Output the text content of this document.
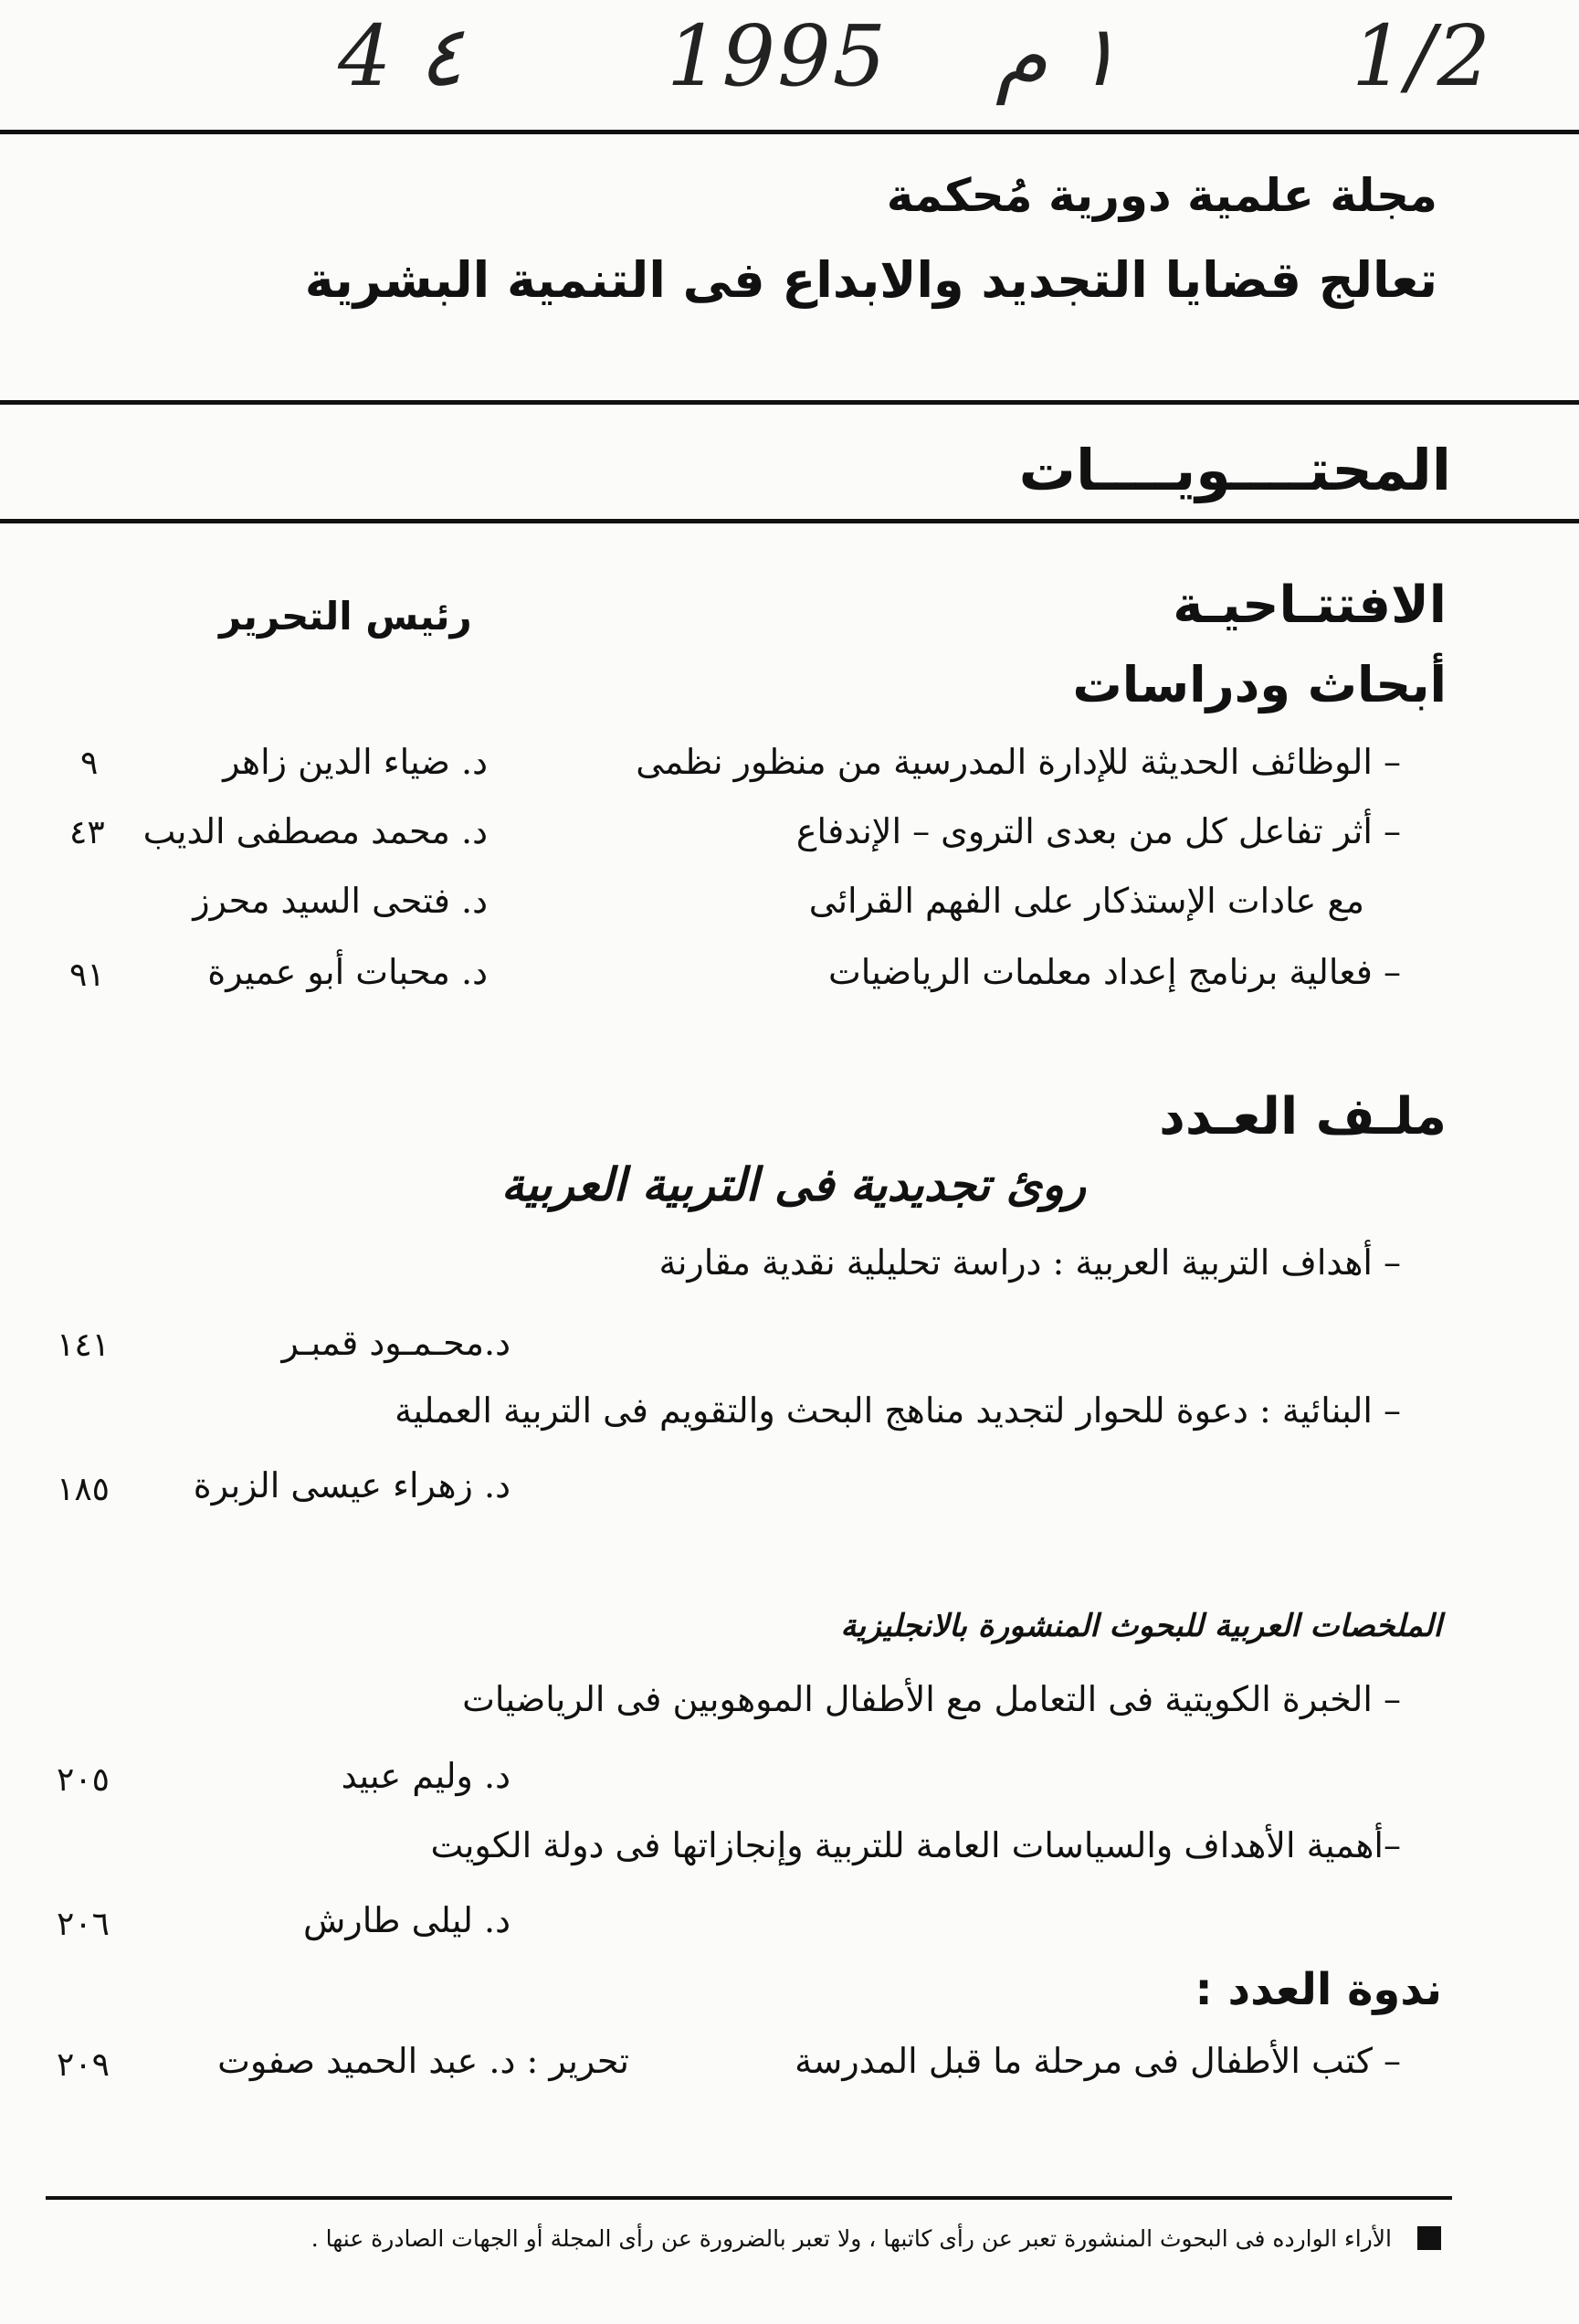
4 ٤ 1995 ١ م	1/2
مجلة علمية دورية مُحكمة
تعالج قضايا التجديد والابداع فى التنمية البشرية
المحتــــويــــات
الافتتـاحيـة
رئيس التحرير
أبحاث ودراسات
– الوظائف الحديثة للإدارة المدرسية من منظور نظمى
د. ضياء الدين زاهر
٩
– أثر تفاعل كل من بعدى التروى – الإندفاع
د. محمد مصطفى الديب
٤٣
مع عادات الإستذكار على الفهم القرائى
د. فتحى السيد محرز
– فعالية برنامج إعداد معلمات الرياضيات
د. محبات أبو عميرة
٩١
ملـف العـدد
روئ تجديدية فى التربية العربية
– أهداف التربية العربية : دراسة تحليلية نقدية مقارنة
د.محـمـود قمبـر
١٤١
– البنائية : دعوة للحوار لتجديد مناهج البحث والتقويم فى التربية العملية
د. زهراء عيسى الزبرة
١٨٥
الملخصات العربية للبحوث المنشورة بالانجليزية
– الخبرة الكويتية فى التعامل مع الأطفال الموهوبين فى الرياضيات
د. وليم عبيد
٢٠٥
–أهمية الأهداف والسياسات العامة للتربية وإنجازاتها فى دولة الكويت
د. ليلى طارش
٢٠٦
ندوة العدد :
– كتب الأطفال فى مرحلة ما قبل المدرسة
تحرير : د. عبد الحميد صفوت
٢٠٩
الأراء الوارده فى البحوث المنشورة تعبر عن رأى كاتبها ، ولا تعبر بالضرورة عن رأى المجلة أو الجهات الصادرة عنها .
